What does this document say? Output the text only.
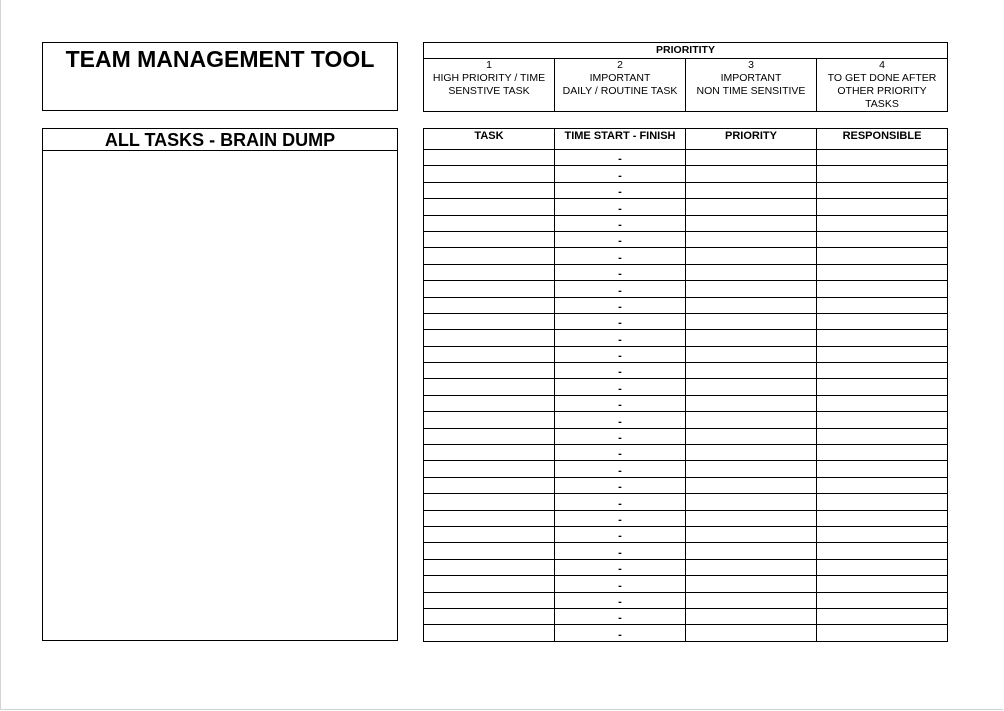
TEAM MANAGEMENT TOOL
ALL TASKS - BRAIN DUMP
PRIORITITY

1
HIGH PRIORITY / TIME
SENSTIVE TASK

2
IMPORTANT
DAILY / ROUTINE TASK

3
IMPORTANT
NON TIME SENSITIVE

4
TO GET DONE AFTER
OTHER PRIORITY
TASKS
TASK	TIME START - FINISH	PRIORITY	RESPONSIBLE
	-		
	-		
	-		
	-		
	-		
	-		
	-		
	-		
	-		
	-		
	-		
	-		
	-		
	-		
	-		
	-		
	-		
	-		
	-		
	-		
	-		
	-		
	-		
	-		
	-		
	-		
	-		
	-		
	-		
	-		
